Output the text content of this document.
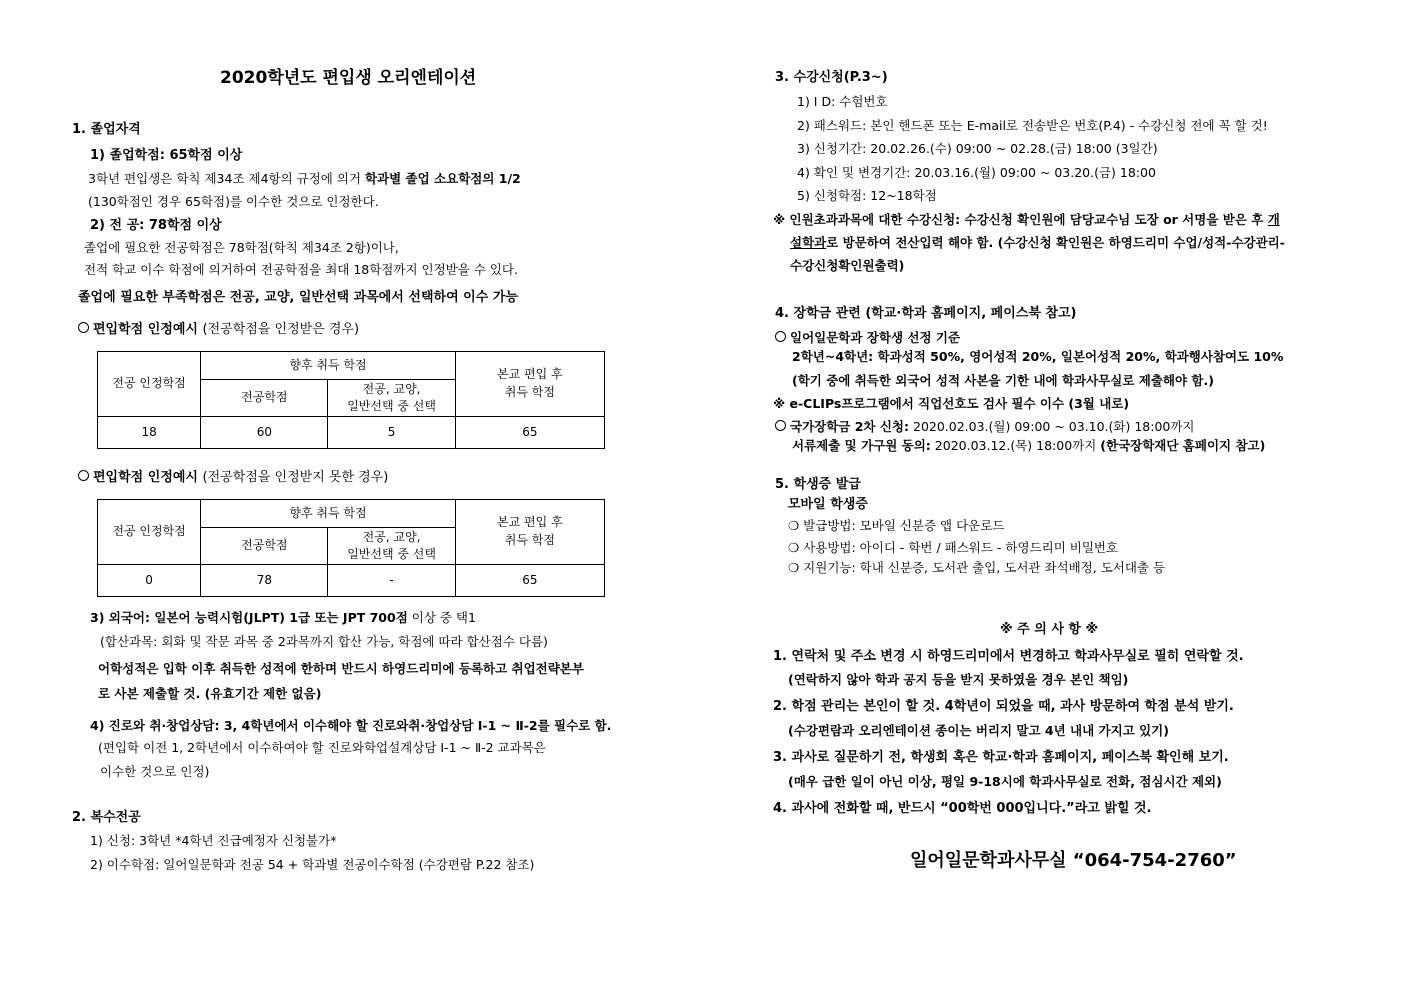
2020학년도 편입생 오리엔테이션
1. 졸업자격
1) 졸업학점: 65학점 이상
3학년 편입생은 학칙 제34조 제4항의 규정에 의거 학과별 졸업 소요학점의 1/2
(130학점인 경우 65학점)를 이수한 것으로 인정한다.
2) 전 공: 78학점 이상
졸업에 필요한 전공학점은 78학점(학칙 제34조 2항)이나,
전적 학교 이수 학점에 의거하여 전공학점을 최대 18학점까지 인정받을 수 있다.
졸업에 필요한 부족학점은 전공, 교양, 일반선택 과목에서 선택하여 이수 가능
편입학점 인정예시 (전공학점을 인정받은 경우)
전공 인정학점	향후 취득 학점		본교 편입 후
취득 학점
	전공학점	전공, 교양,
일반선택 중 선택	
18	60	5	65
편입학점 인정예시 (전공학점을 인정받지 못한 경우)
전공 인정학점	향후 취득 학점		본교 편입 후
취득 학점
	전공학점	전공, 교양,
일반선택 중 선택	
0	78	-	65
3) 외국어: 일본어 능력시험(JLPT) 1급 또는 JPT 700점 이상 중 택1
(합산과목: 회화 및 작문 과목 중 2과목까지 합산 가능, 학점에 따라 합산점수 다름)
어학성적은 입학 이후 취득한 성적에 한하며 반드시 하영드리미에 등록하고 취업전략본부
로 사본 제출할 것. (유효기간 제한 없음)
4) 진로와 취·창업상담: 3, 4학년에서 이수해야 할 진로와취·창업상담 Ⅰ-1 ~ Ⅱ-2를 필수로 함.
(편입학 이전 1, 2학년에서 이수하여야 할 진로와학업설계상담 Ⅰ-1 ~ Ⅱ-2 교과목은
이수한 것으로 인정)
2. 복수전공
1) 신청: 3학년 *4학년 진급예정자 신청불가*
2) 이수학점: 일어일문학과 전공 54 + 학과별 전공이수학점 (수강편람 P.22 참조)
3. 수강신청(P.3~)
1) I D: 수험번호
2) 패스워드: 본인 핸드폰 또는 E-mail로 전송받은 번호(P.4) - 수강신청 전에 꼭 할 것!
3) 신청기간: 20.02.26.(수) 09:00 ~ 02.28.(금) 18:00 (3일간)
4) 확인 및 변경기간: 20.03.16.(월) 09:00 ~ 03.20.(금) 18:00
5) 신청학점: 12~18학점
※ 인원초과과목에 대한 수강신청: 수강신청 확인원에 담당교수님 도장 or 서명을 받은 후 개
설학과로 방문하여 전산입력 해야 함. (수강신청 확인원은 하영드리미 수업/성적-수강관리-
수강신청확인원출력)
4. 장학금 관련 (학교·학과 홈페이지, 페이스북 참고)
일어일문학과 장학생 선정 기준
2학년~4학년: 학과성적 50%, 영어성적 20%, 일본어성적 20%, 학과행사참여도 10%
(학기 중에 취득한 외국어 성적 사본을 기한 내에 학과사무실로 제출해야 함.)
※ e-CLIPs프로그램에서 직업선호도 검사 필수 이수 (3월 내로)
국가장학금 2차 신청: 2020.02.03.(월) 09:00 ~ 03.10.(화) 18:00까지
서류제출 및 가구원 동의: 2020.03.12.(목) 18:00까지 (한국장학재단 홈페이지 참고)
5. 학생증 발급
모바일 학생증
❍ 발급방법: 모바일 신분증 앱 다운로드
❍ 사용방법: 아이디 - 학번 / 패스워드 - 하영드리미 비밀번호
❍ 지원기능: 학내 신분증, 도서관 출입, 도서관 좌석배정, 도서대출 등
※ 주 의 사 항 ※
1. 연락처 및 주소 변경 시 하영드리미에서 변경하고 학과사무실로 필히 연락할 것.
(연락하지 않아 학과 공지 등을 받지 못하였을 경우 본인 책임)
2. 학점 관리는 본인이 할 것. 4학년이 되었을 때, 과사 방문하여 학점 분석 받기.
(수강편람과 오리엔테이션 종이는 버리지 말고 4년 내내 가지고 있기)
3. 과사로 질문하기 전, 학생회 혹은 학교·학과 홈페이지, 페이스북 확인해 보기.
(매우 급한 일이 아닌 이상, 평일 9-18시에 학과사무실로 전화, 점심시간 제외)
4. 과사에 전화할 때, 반드시 “00학번 000입니다.”라고 밝힐 것.
일어일문학과사무실 “064-754-2760”
